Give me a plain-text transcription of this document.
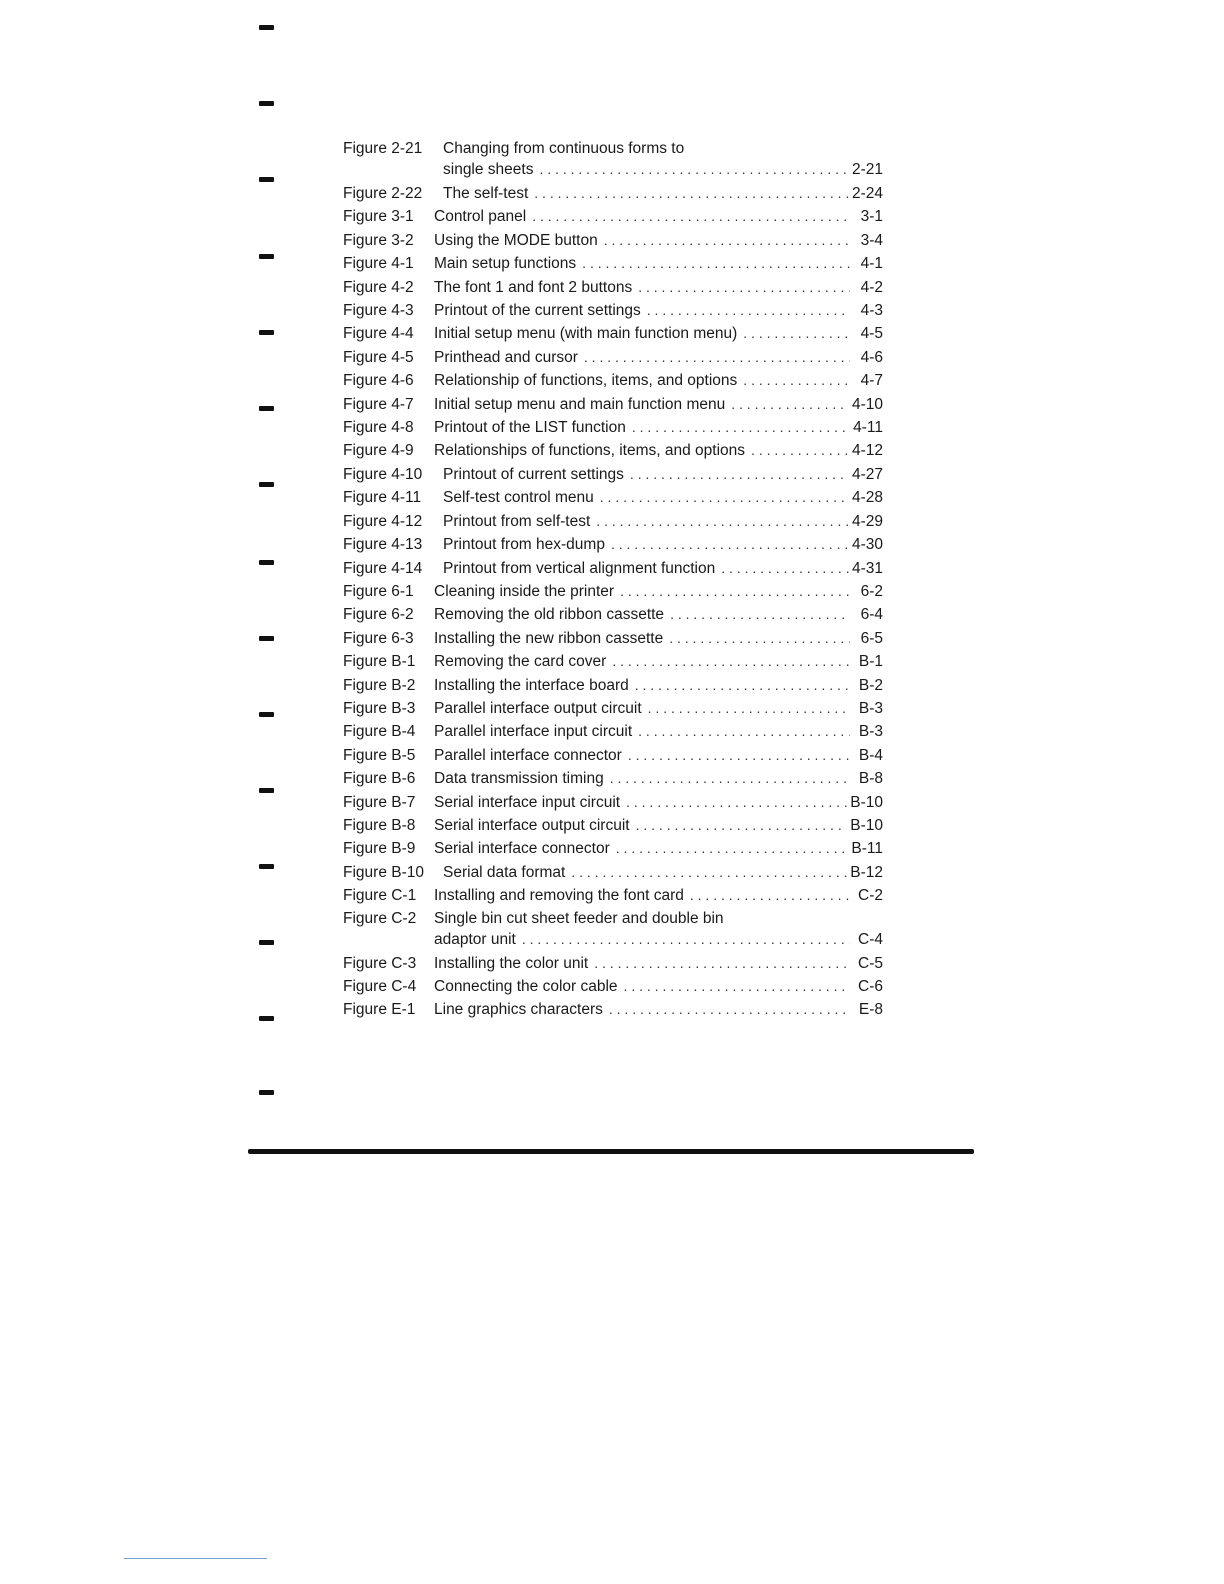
Figure 2-21	Changing from continuous forms to
single sheets . . .	2-21
Figure 2-22	The self-test . . .	2-24
Figure 3-1	Control panel . . .	3-1
Figure 3-2	Using the MODE button . . .	3-4
Figure 4-1	Main setup functions . . .	4-1
Figure 4-2	The font 1 and font 2 buttons . . .	4-2
Figure 4-3	Printout of the current settings . . .	4-3
Figure 4-4	Initial setup menu (with main function menu) . . .	4-5
Figure 4-5	Printhead and cursor . . .	4-6
Figure 4-6	Relationship of functions, items, and options . . .	4-7
Figure 4-7	Initial setup menu and main function menu . . .	4-10
Figure 4-8	Printout of the LIST function . . .	4-11
Figure 4-9	Relationships of functions, items, and options . . .	4-12
Figure 4-10	Printout of current settings . . .	4-27
Figure 4-11	Self-test control menu . . .	4-28
Figure 4-12	Printout from self-test . . .	4-29
Figure 4-13	Printout from hex-dump . . .	4-30
Figure 4-14	Printout from vertical alignment function . . .	4-31
Figure 6-1	Cleaning inside the printer . . .	6-2
Figure 6-2	Removing the old ribbon cassette . . .	6-4
Figure 6-3	Installing the new ribbon cassette . . .	6-5
Figure B-1	Removing the card cover . . .	B-1
Figure B-2	Installing the interface board . . .	B-2
Figure B-3	Parallel interface output circuit . . .	B-3
Figure B-4	Parallel interface input circuit . . .	B-3
Figure B-5	Parallel interface connector . . .	B-4
Figure B-6	Data transmission timing . . .	B-8
Figure B-7	Serial interface input circuit . . .	B-10
Figure B-8	Serial interface output circuit . . .	B-10
Figure B-9	Serial interface connector . . .	B-11
Figure B-10	Serial data format . . .	B-12
Figure C-1	Installing and removing the font card . . .	C-2
Figure C-2	Single bin cut sheet feeder and double bin
adaptor unit . . .	C-4
Figure C-3	Installing the color unit . . .	C-5
Figure C-4	Connecting the color cable . . .	C-6
Figure E-1	Line graphics characters . . .	E-8
